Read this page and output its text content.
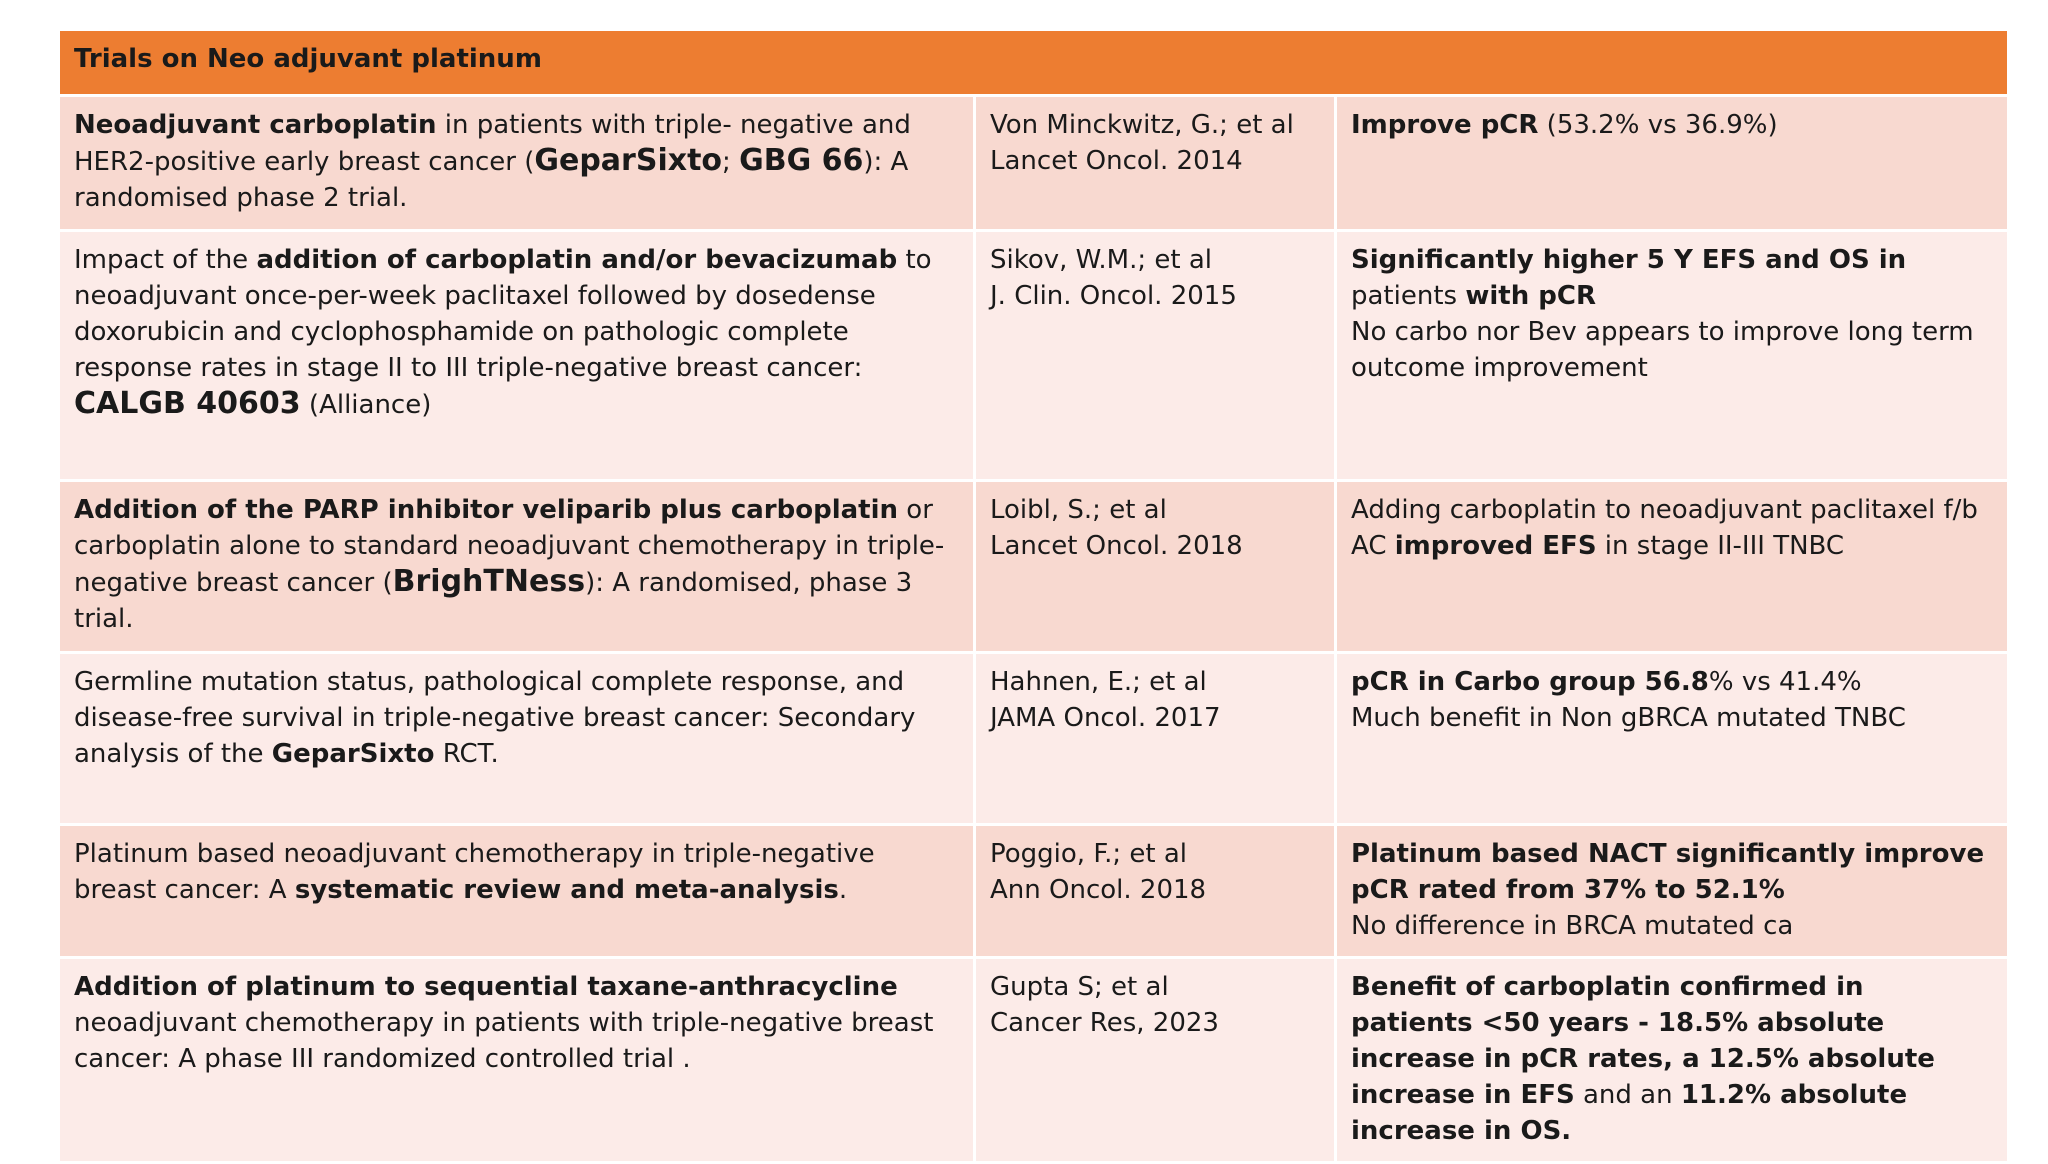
Trials on Neo adjuvant platinum		
Neoadjuvant carboplatin in patients with triple- negative and HER2-positive early breast cancer (GeparSixto; GBG 66): A randomised phase 2 trial.	Von Minckwitz, G.; et al
Lancet Oncol. 2014	Improve pCR (53.2% vs 36.9%)

Impact of the addition of carboplatin and/or bevacizumab to neoadjuvant once-per-week paclitaxel followed by dosedense doxorubicin and cyclophosphamide on pathologic complete response rates in stage II to III triple-negative breast cancer: CALGB 40603 (Alliance)	Sikov, W.M.; et al
J. Clin. Oncol. 2015	Significantly higher 5 Y EFS and OS in patients with pCR
No carbo nor Bev appears to improve long term outcome improvement

Addition of the PARP inhibitor veliparib plus carboplatin or carboplatin alone to standard neoadjuvant chemotherapy in triple-negative breast cancer (BrighTNess): A randomised, phase 3 trial.	Loibl, S.; et al
Lancet Oncol. 2018	Adding carboplatin to neoadjuvant paclitaxel f/b AC improved EFS in stage II-III TNBC

Germline mutation status, pathological complete response, and disease-free survival in triple-negative breast cancer: Secondary analysis of the GeparSixto RCT.	Hahnen, E.; et al
JAMA Oncol. 2017	pCR in Carbo group 56.8% vs 41.4%
Much benefit in Non gBRCA mutated TNBC

Platinum based neoadjuvant chemotherapy in triple-negative breast cancer: A systematic review and meta-analysis.	Poggio, F.; et al
Ann Oncol. 2018	Platinum based NACT significantly improve pCR rated from 37% to 52.1%
No difference in BRCA mutated ca

Addition of platinum to sequential taxane-anthracycline neoadjuvant chemotherapy in patients with triple-negative breast cancer: A phase III randomized controlled trial .	Gupta S; et al
Cancer Res, 2023	Benefit of carboplatin confirmed in patients <50 years - 18.5% absolute increase in pCR rates, a 12.5% absolute increase in EFS and an 11.2% absolute increase in OS.
